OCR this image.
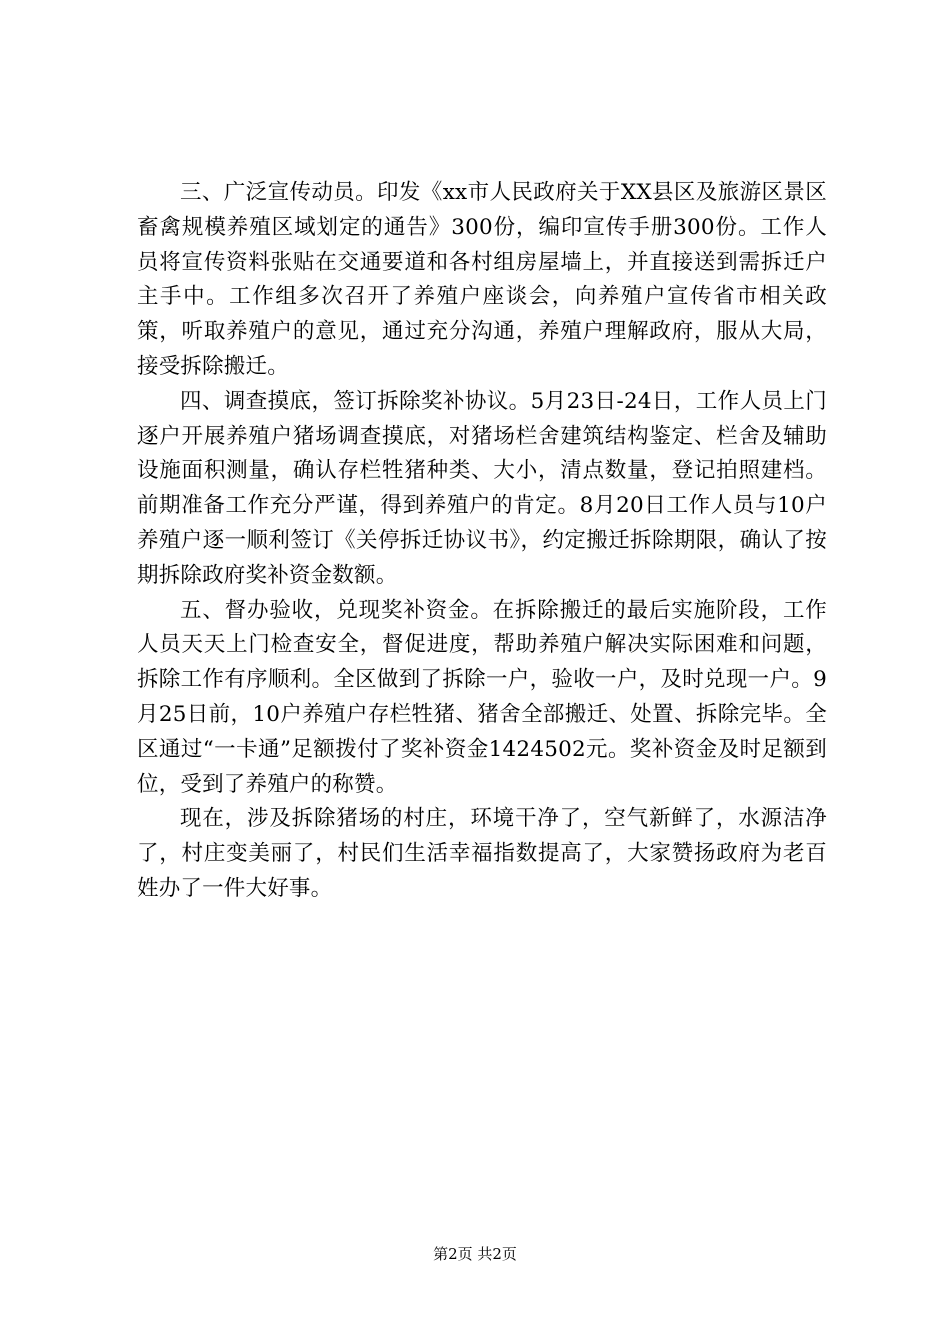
三、广泛宣传动员。印发《xx市人民政府关于XX县区及旅游区景区畜禽规模养殖区域划定的通告》300份，编印宣传手册300份。工作人员将宣传资料张贴在交通要道和各村组房屋墙上，并直接送到需拆迁户主手中。工作组多次召开了养殖户座谈会，向养殖户宣传省市相关政策，听取养殖户的意见，通过充分沟通，养殖户理解政府，服从大局，接受拆除搬迁。

四、调查摸底，签订拆除奖补协议。5月23日-24日，工作人员上门逐户开展养殖户猪场调查摸底，对猪场栏舍建筑结构鉴定、栏舍及辅助设施面积测量，确认存栏牲猪种类、大小，清点数量，登记拍照建档。前期准备工作充分严谨，得到养殖户的肯定。8月20日工作人员与10户养殖户逐一顺利签订《关停拆迁协议书》，约定搬迁拆除期限，确认了按期拆除政府奖补资金数额。

五、督办验收，兑现奖补资金。在拆除搬迁的最后实施阶段，工作人员天天上门检查安全，督促进度，帮助养殖户解决实际困难和问题，拆除工作有序顺利。全区做到了拆除一户，验收一户，及时兑现一户。9月25日前，10户养殖户存栏牲猪、猪舍全部搬迁、处置、拆除完毕。全区通过“一卡通”足额拨付了奖补资金1424502元。奖补资金及时足额到位，受到了养殖户的称赞。

现在，涉及拆除猪场的村庄，环境干净了，空气新鲜了，水源洁净了，村庄变美丽了，村民们生活幸福指数提高了，大家赞扬政府为老百姓办了一件大好事。

第2页 共2页
